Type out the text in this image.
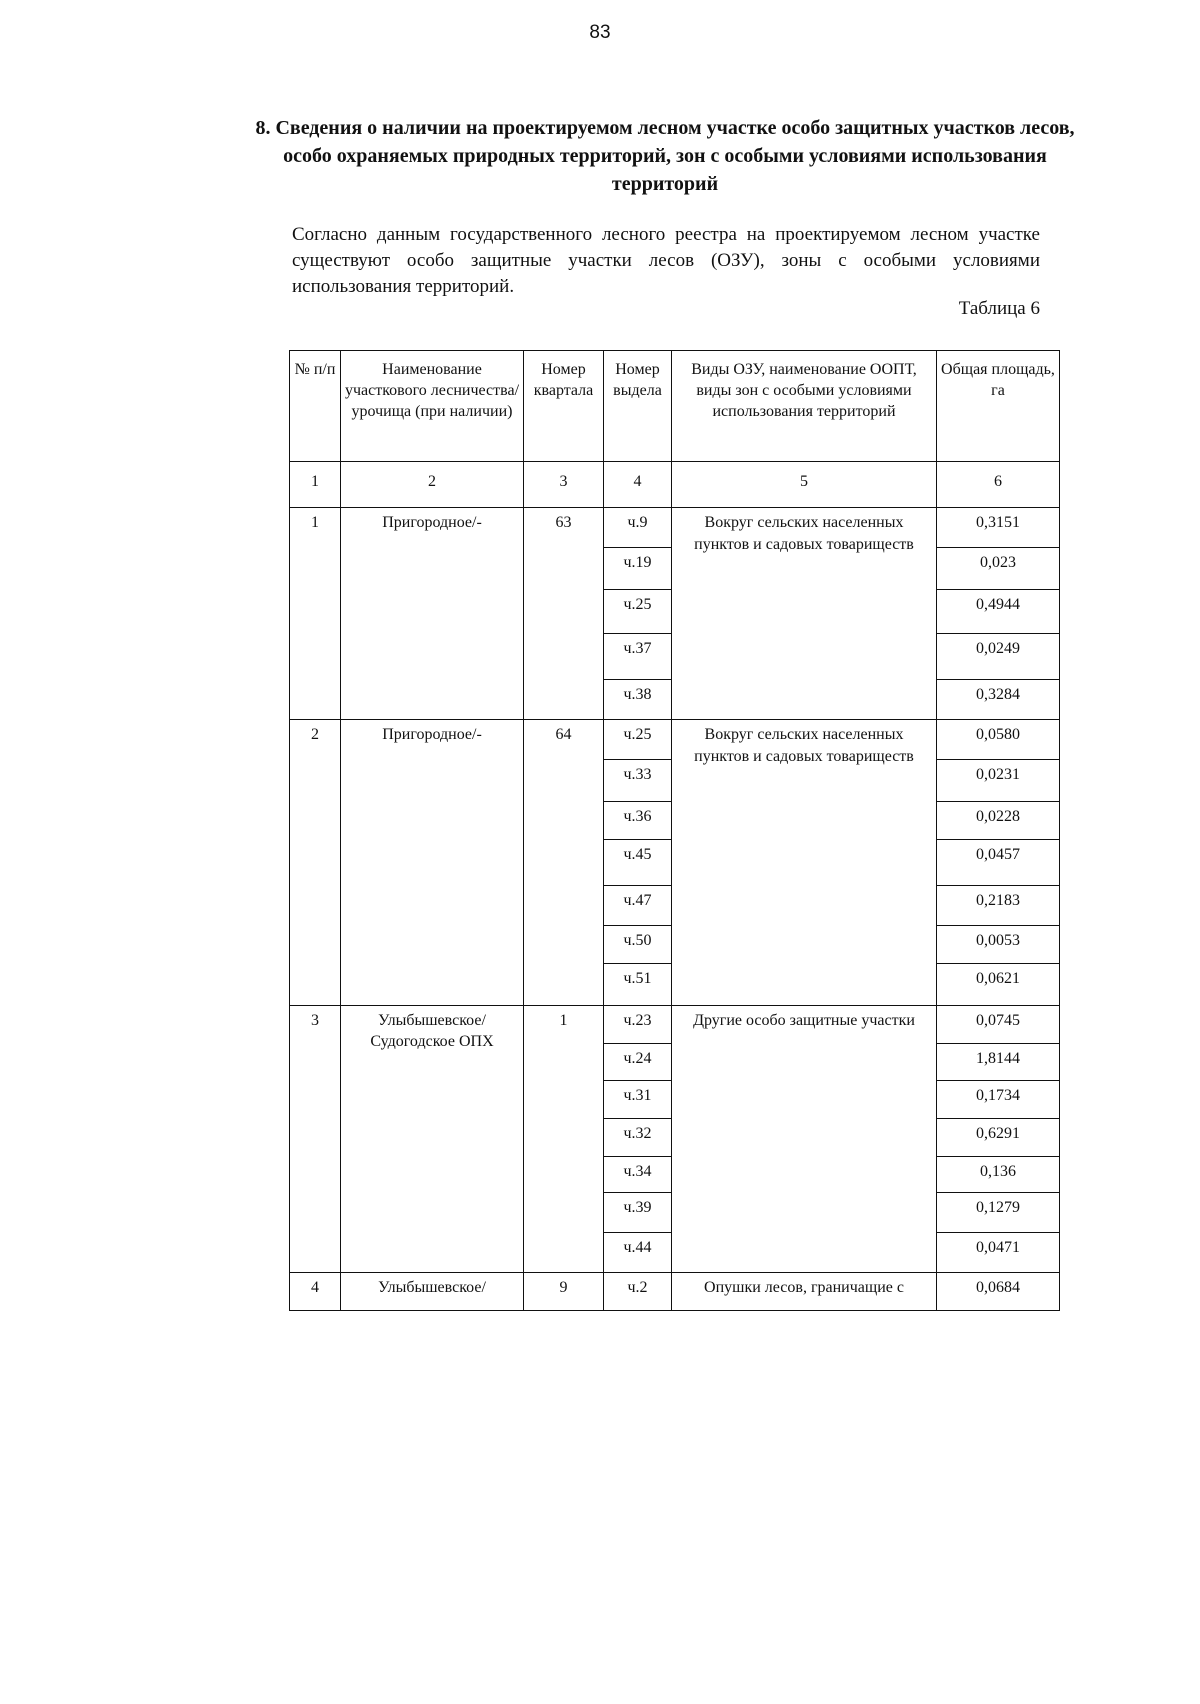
83
8. Сведения о наличии на проектируемом лесном участке особо защитных участков лесов, особо охраняемых природных территорий, зон с особыми условиями использования территорий
Согласно данным государственного лесного реестра на проектируемом лесном участке существуют особо защитные участки лесов (ОЗУ), зоны с особыми условиями использования территорий.
Таблица 6
№ п/п	Наименование участкового лесничества/урочища (при наличии)	Номер квартала	Номер выдела	Виды ОЗУ, наименование ООПТ, виды зон с особыми условиями использования территорий	Общая площадь, га
1	2	3	4	5	6
1	Пригородное/-	63	ч.9	Вокруг сельских населенных пунктов и садовых товариществ	0,3151
			ч.19		0,023
			ч.25		0,4944
			ч.37		0,0249
			ч.38		0,3284
2	Пригородное/-	64	ч.25	Вокруг сельских населенных пунктов и садовых товариществ	0,0580
			ч.33		0,0231
			ч.36		0,0228
			ч.45		0,0457
			ч.47		0,2183
			ч.50		0,0053
			ч.51		0,0621
3	Улыбышевское/ Судогодское ОПХ	1	ч.23	Другие особо защитные участки	0,0745
			ч.24		1,8144
			ч.31		0,1734
			ч.32		0,6291
			ч.34		0,136
			ч.39		0,1279
			ч.44		0,0471
4	Улыбышевское/	9	ч.2	Опушки лесов, граничащие с	0,0684
